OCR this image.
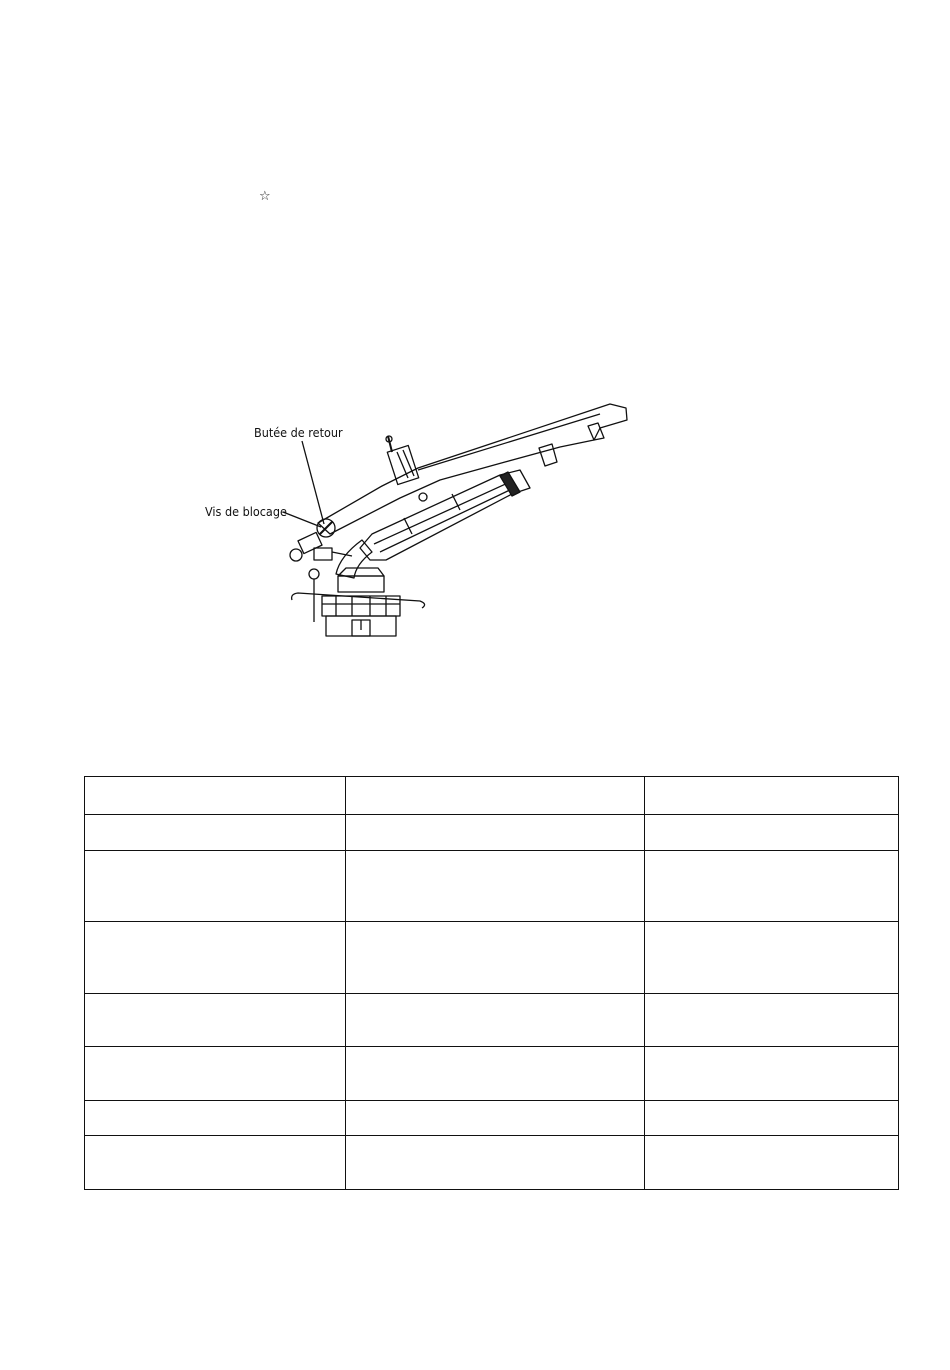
☆
Butée de retour
Vis de blocage
